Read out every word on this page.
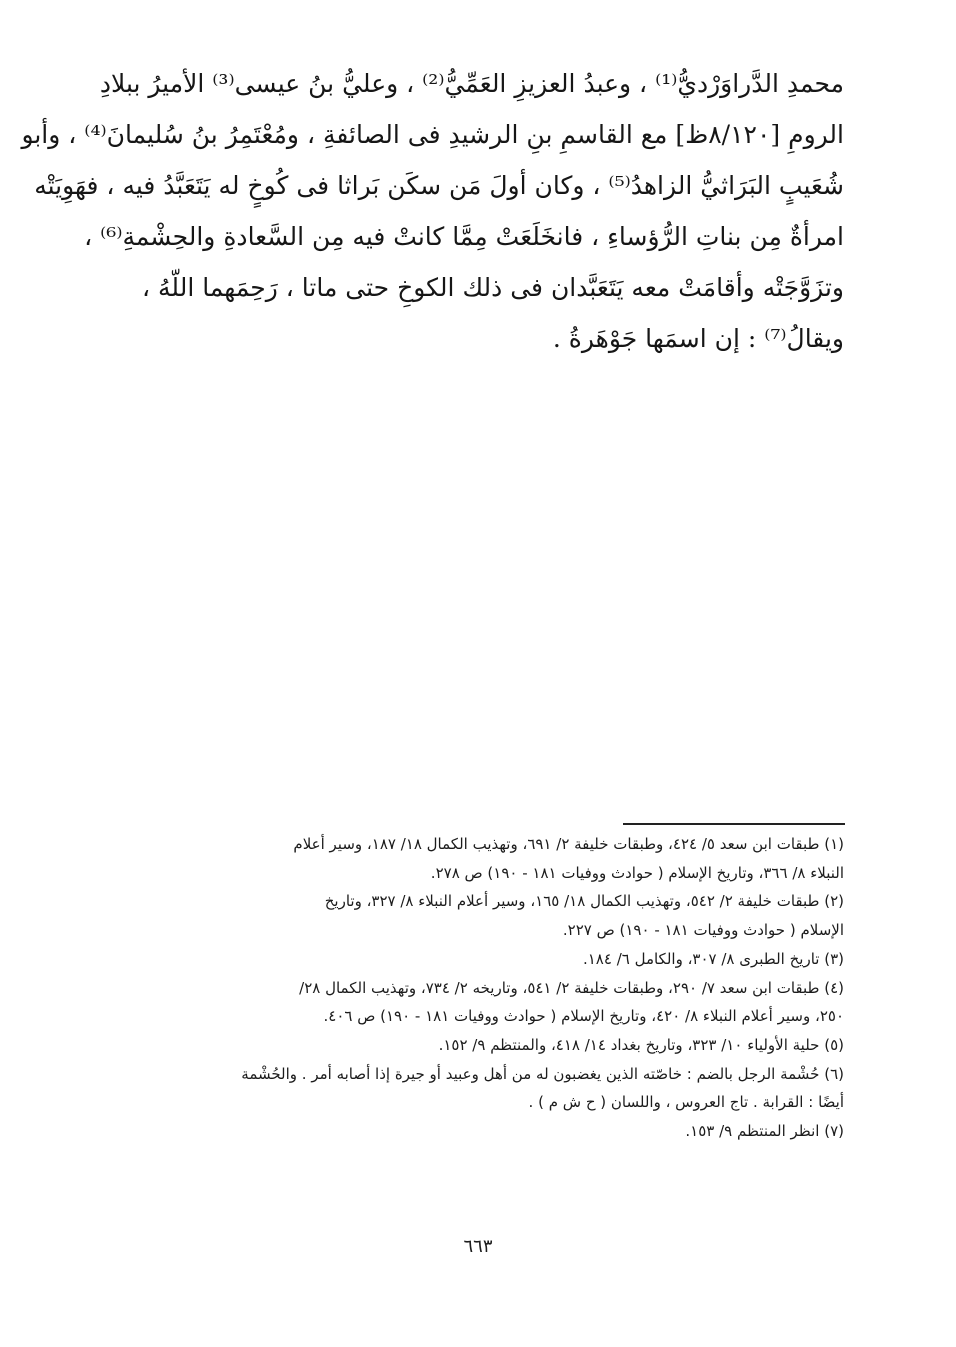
محمدِ الدَّراوَرْديُّ⁽¹⁾ ، وعبدُ العزيزِ العَمِّيُّ⁽²⁾ ، وعليُّ بنُ عيسى⁽³⁾ الأميرُ ببلادِ
الرومِ [٨/١٢٠ظ] مع القاسمِ بنِ الرشيدِ فى الصائفةِ ، ومُعْتَمِرُ بنُ سُليمانَ⁽⁴⁾ ، وأبو
شُعَيبٍ البَرَاثيُّ الزاهدُ⁽⁵⁾ ، وكان أولَ مَن سكَن بَراثا فى كُوخٍ له يَتَعَبَّدُ فيه ، فهَوِيَتْه
امرأةٌ مِن بناتِ الرُّؤساءِ ، فانخَلَعَتْ مِمَّا كانتْ فيه مِن السَّعادةِ والحِشْمةِ⁽⁶⁾ ،
وتزَوَّجَتْه وأقامَتْ معه يَتَعَبَّدان فى ذلك الكوخِ حتى ماتا ، رَحِمَهما اللّهُ ،
ويقالُ⁽⁷⁾ : إن اسمَها جَوْهَرةُ .
(١) طبقات ابن سعد ٥/ ٤٢٤، وطبقات خليفة ٢/ ٦٩١، وتهذيب الكمال ١٨/ ١٨٧، وسير أعلام
النبلاء ٨/ ٣٦٦، وتاريخ الإسلام ( حوادث ووفيات ١٨١ - ١٩٠) ص ٢٧٨.
(٢) طبقات خليفة ٢/ ٥٤٢، وتهذيب الكمال ١٨/ ١٦٥، وسير أعلام النبلاء ٨/ ٣٢٧، وتاريخ
الإسلام ( حوادث ووفيات ١٨١ - ١٩٠) ص ٢٢٧.
(٣) تاريخ الطبرى ٨/ ٣٠٧، والكامل ٦/ ١٨٤.
(٤) طبقات ابن سعد ٧/ ٢٩٠، وطبقات خليفة ٢/ ٥٤١، وتاريخه ٢/ ٧٣٤، وتهذيب الكمال ٢٨/
٢٥٠، وسير أعلام النبلاء ٨/ ٤٢٠، وتاريخ الإسلام ( حوادث ووفيات ١٨١ - ١٩٠) ص ٤٠٦.
(٥) حلية الأولياء ١٠/ ٣٢٣، وتاريخ بغداد ١٤/ ٤١٨، والمنتظم ٩/ ١٥٢.
(٦) حُشْمة الرجل بالضم : خاصّته الذين يغضبون له من أهل وعبيد أو جيرة إذا أصابه أمر . والحُشْمة
أيضًا : القرابة . تاج العروس ، واللسان ( ح ش م ) .
(٧) انظر المنتظم ٩/ ١٥٣.
٦٦٣
